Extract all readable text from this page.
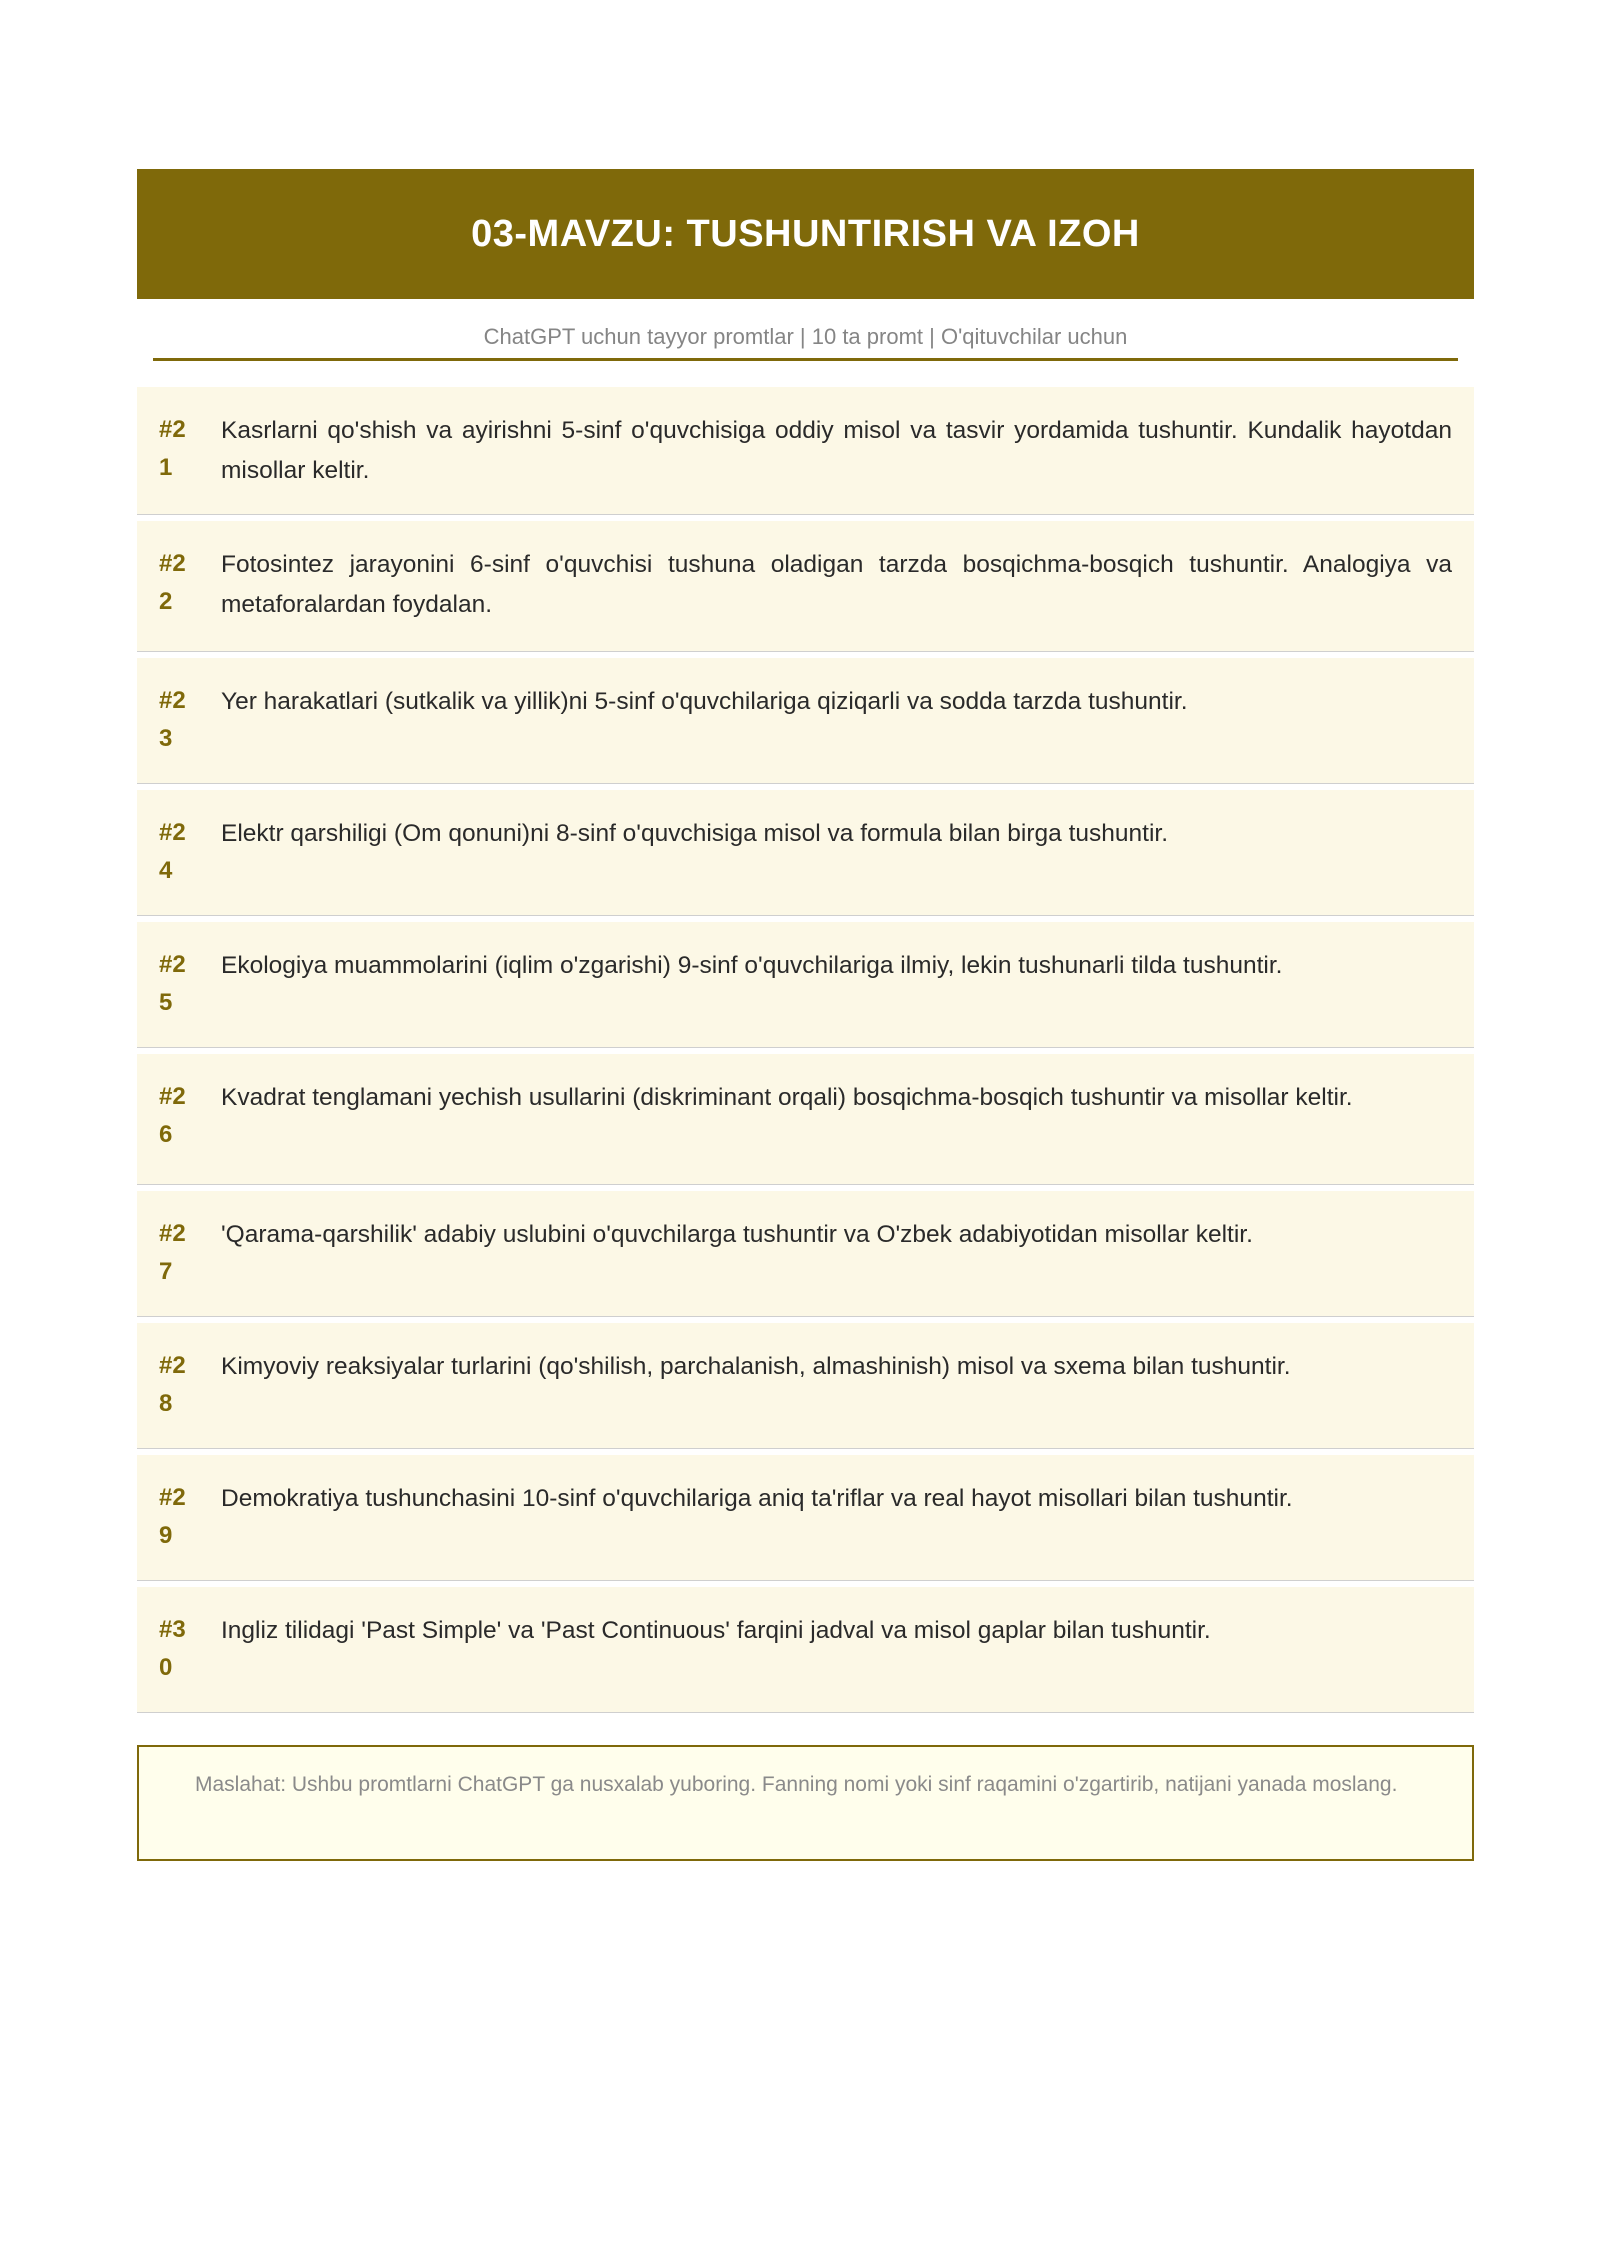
03-MAVZU: TUSHUNTIRISH VA IZOH
ChatGPT uchun tayyor promtlar | 10 ta promt | O'qituvchilar uchun
#21
Kasrlarni qo'shish va ayirishni 5-sinf o'quvchisiga oddiy misol va tasvir yordamida tushuntir. Kundalik hayotdan misollar keltir.
#22
Fotosintez jarayonini 6-sinf o'quvchisi tushuna oladigan tarzda bosqichma-bosqich tushuntir. Analogiya va metaforalardan foydalan.
#23
Yer harakatlari (sutkalik va yillik)ni 5-sinf o'quvchilariga qiziqarli va sodda tarzda tushuntir.
#24
Elektr qarshiligi (Om qonuni)ni 8-sinf o'quvchisiga misol va formula bilan birga tushuntir.
#25
Ekologiya muammolarini (iqlim o'zgarishi) 9-sinf o'quvchilariga ilmiy, lekin tushunarli tilda tushuntir.
#26
Kvadrat tenglamani yechish usullarini (diskriminant orqali) bosqichma-bosqich tushuntir va misollar keltir.
#27
'Qarama-qarshilik' adabiy uslubini o'quvchilarga tushuntir va O'zbek adabiyotidan misollar keltir.
#28
Kimyoviy reaksiyalar turlarini (qo'shilish, parchalanish, almashinish) misol va sxema bilan tushuntir.
#29
Demokratiya tushunchasini 10-sinf o'quvchilariga aniq ta'riflar va real hayot misollari bilan tushuntir.
#30
Ingliz tilidagi 'Past Simple' va 'Past Continuous' farqini jadval va misol gaplar bilan tushuntir.
Maslahat: Ushbu promtlarni ChatGPT ga nusxalab yuboring. Fanning nomi yoki sinf raqamini o'zgartirib, natijani yanada moslang.
